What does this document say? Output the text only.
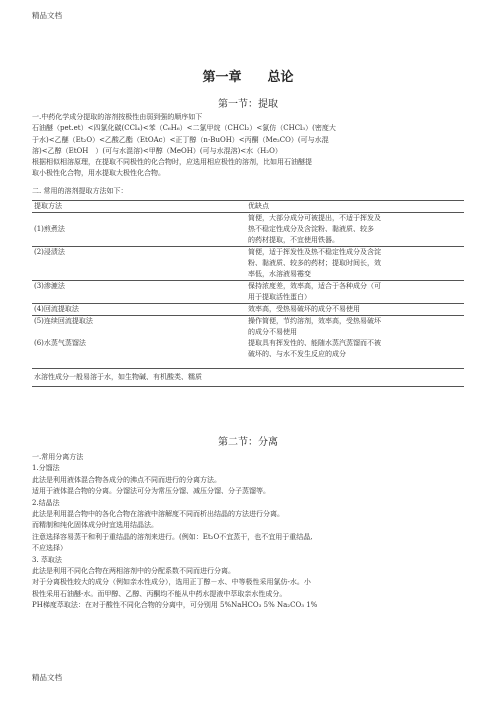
精品文档
第一章　　总论
第一节：提取
一.中药化学成分提取的溶剂按极性由弱到强的顺序如下
石油醚（pet.et）<四氯化碳(CCl₄)<苯（C₆H₆）<二氯甲烷（CHCl₂）<氯仿（CHCl₃）(密度大
于水)<乙醚（Et₂O）<乙酸乙酯（EtOAc）<正丁醇（n-BuOH）<丙酮（Me₂CO）(可与水混
溶)<乙醇（EtOH　）(可与水混溶)<甲醇（MeOH）(可与水混溶)<水（H₂O）
根据相似相溶原理，在提取不同极性的化合物时，应选用相应极性的溶剂，比如用石油醚提
取小极性化合物，用水提取大极性化合物。
二. 常用的溶剂提取方法如下：
提取方法	优缺点

(1)煎煮法	简便，大部分成分可被提出，不适于挥发及
热不稳定性成分及含淀粉、黏液质、较多
的药材提取，不宜使用铁器。

(2)浸渍法	简便，适于挥发性及热不稳定性成分及含淀
粉、黏液质、较多的药材；提取时间长，效
率低，水溶液易霉变

(3)渗漉法	保持浓度差，效率高，适合于各种成分（可
用于提取活性蛋白）

(4)回流提取法	效率高，受热易破坏的成分不易使用

(5)连续回流提取法	操作简便，节约溶剂，效率高，受热易破坏
的成分不易使用

(6)水蒸气蒸馏法	提取具有挥发性的、能随水蒸汽蒸馏而不被
破坏的、与水不发生反应的成分

水溶性成分一般易溶于水，如生物碱、有机酸类、糯质	
第二节：分离
一.常用分离方法
1.分馏法
此法是利用液体混合物各成分的沸点不同而进行的分离方法。
适用于液体混合物的分离。分馏法可分为常压分馏、减压分馏、分子蒸馏等。
2.结晶法
此法是利用混合物中的各化合物在溶液中溶解度不同而析出结晶的方法进行分离。
而精制和纯化固体成分时宜选用结晶法。
注意选择容易蒸干和利于重结晶的溶剂来进行。(例如：Et₂O不宜蒸干，也不宜用于重结晶,
不应选择）
3. 萃取法
此法是利用不同化合物在两相溶剂中的分配系数不同而进行分离。
对于分离极性较大的成分（例如亲水性成分），选用正丁醇－水、中等极性采用氯仿-水。小
极性采用石油醚-水。而甲醇、乙醇、丙酮均不能从中药水提液中萃取亲水性成分。
PH梯度萃取法：在对于酸性不同化合物的分离中，可分别用 5%NaHCO₃ 5% Na₂CO₃ 1%
精品文档
